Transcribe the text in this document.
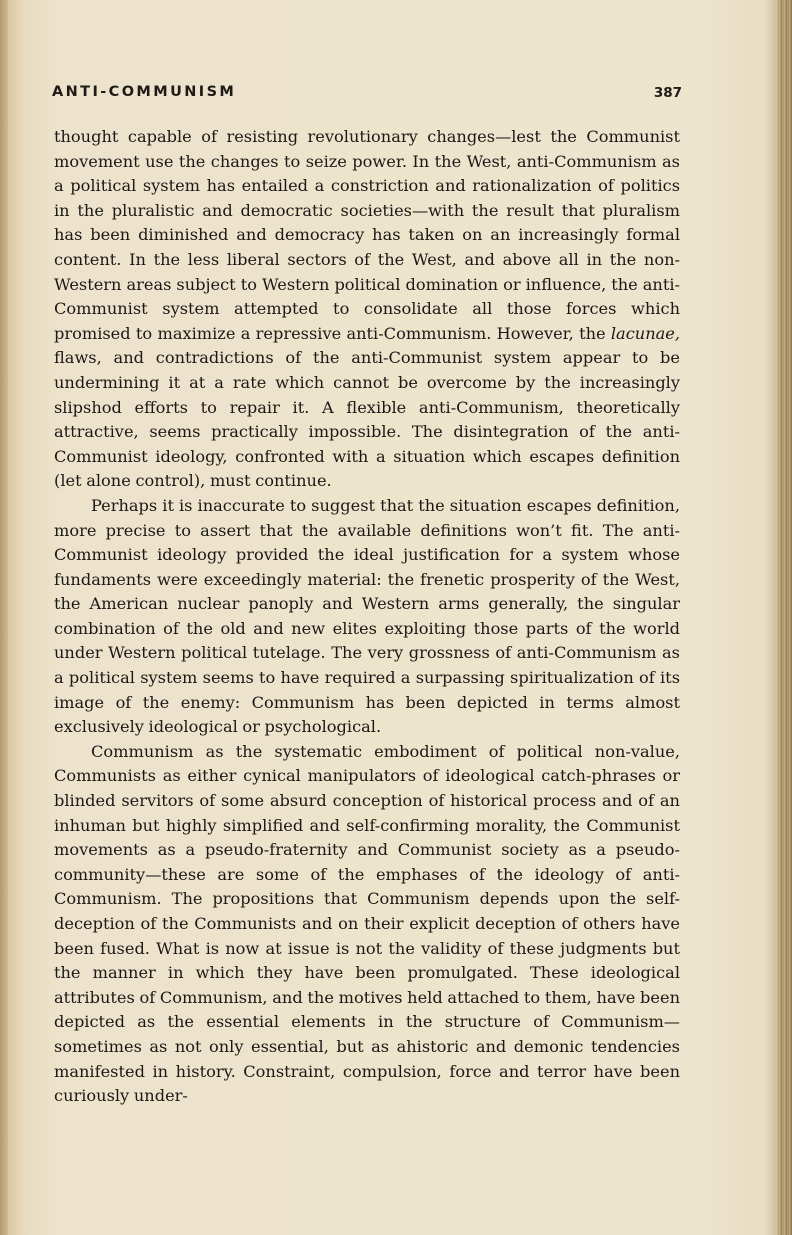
ANTI-COMMUNISM	387

thought capable of resisting revolutionary changes—lest the Communist movement use the changes to seize power. In the West, anti-Communism as a political system has entailed a constriction and rationalization of politics in the pluralistic and democratic societies—with the result that pluralism has been diminished and democracy has taken on an increasingly formal content. In the less liberal sectors of the West, and above all in the non-Western areas subject to Western political domination or influence, the anti-Communist system attempted to consolidate all those forces which promised to maximize a repressive anti-Communism. However, the lacunae, flaws, and contradictions of the anti-Communist system appear to be undermining it at a rate which cannot be overcome by the increasingly slipshod efforts to repair it. A flexible anti-Communism, theoretically attractive, seems practically impossible. The disintegration of the anti-Communist ideology, confronted with a situation which escapes definition (let alone control), must continue.

Perhaps it is inaccurate to suggest that the situation escapes definition, more precise to assert that the available definitions won’t fit. The anti-Communist ideology provided the ideal justification for a system whose fundaments were exceedingly material: the frenetic prosperity of the West, the American nuclear panoply and Western arms generally, the singular combination of the old and new elites exploiting those parts of the world under Western political tutelage. The very grossness of anti-Communism as a political system seems to have required a surpassing spiritualization of its image of the enemy: Communism has been depicted in terms almost exclusively ideological or psychological.

Communism as the systematic embodiment of political non-value, Communists as either cynical manipulators of ideological catch-phrases or blinded servitors of some absurd conception of historical process and of an inhuman but highly simplified and self-confirming morality, the Communist movements as a pseudo-fraternity and Communist society as a pseudo-community—these are some of the emphases of the ideology of anti-Communism. The propositions that Communism depends upon the self-deception of the Communists and on their explicit deception of others have been fused. What is now at issue is not the validity of these judgments but the manner in which they have been promulgated. These ideological attributes of Communism, and the motives held attached to them, have been depicted as the essential elements in the structure of Communism—sometimes as not only essential, but as ahistoric and demonic tendencies manifested in history. Constraint, compulsion, force and terror have been curiously under-
